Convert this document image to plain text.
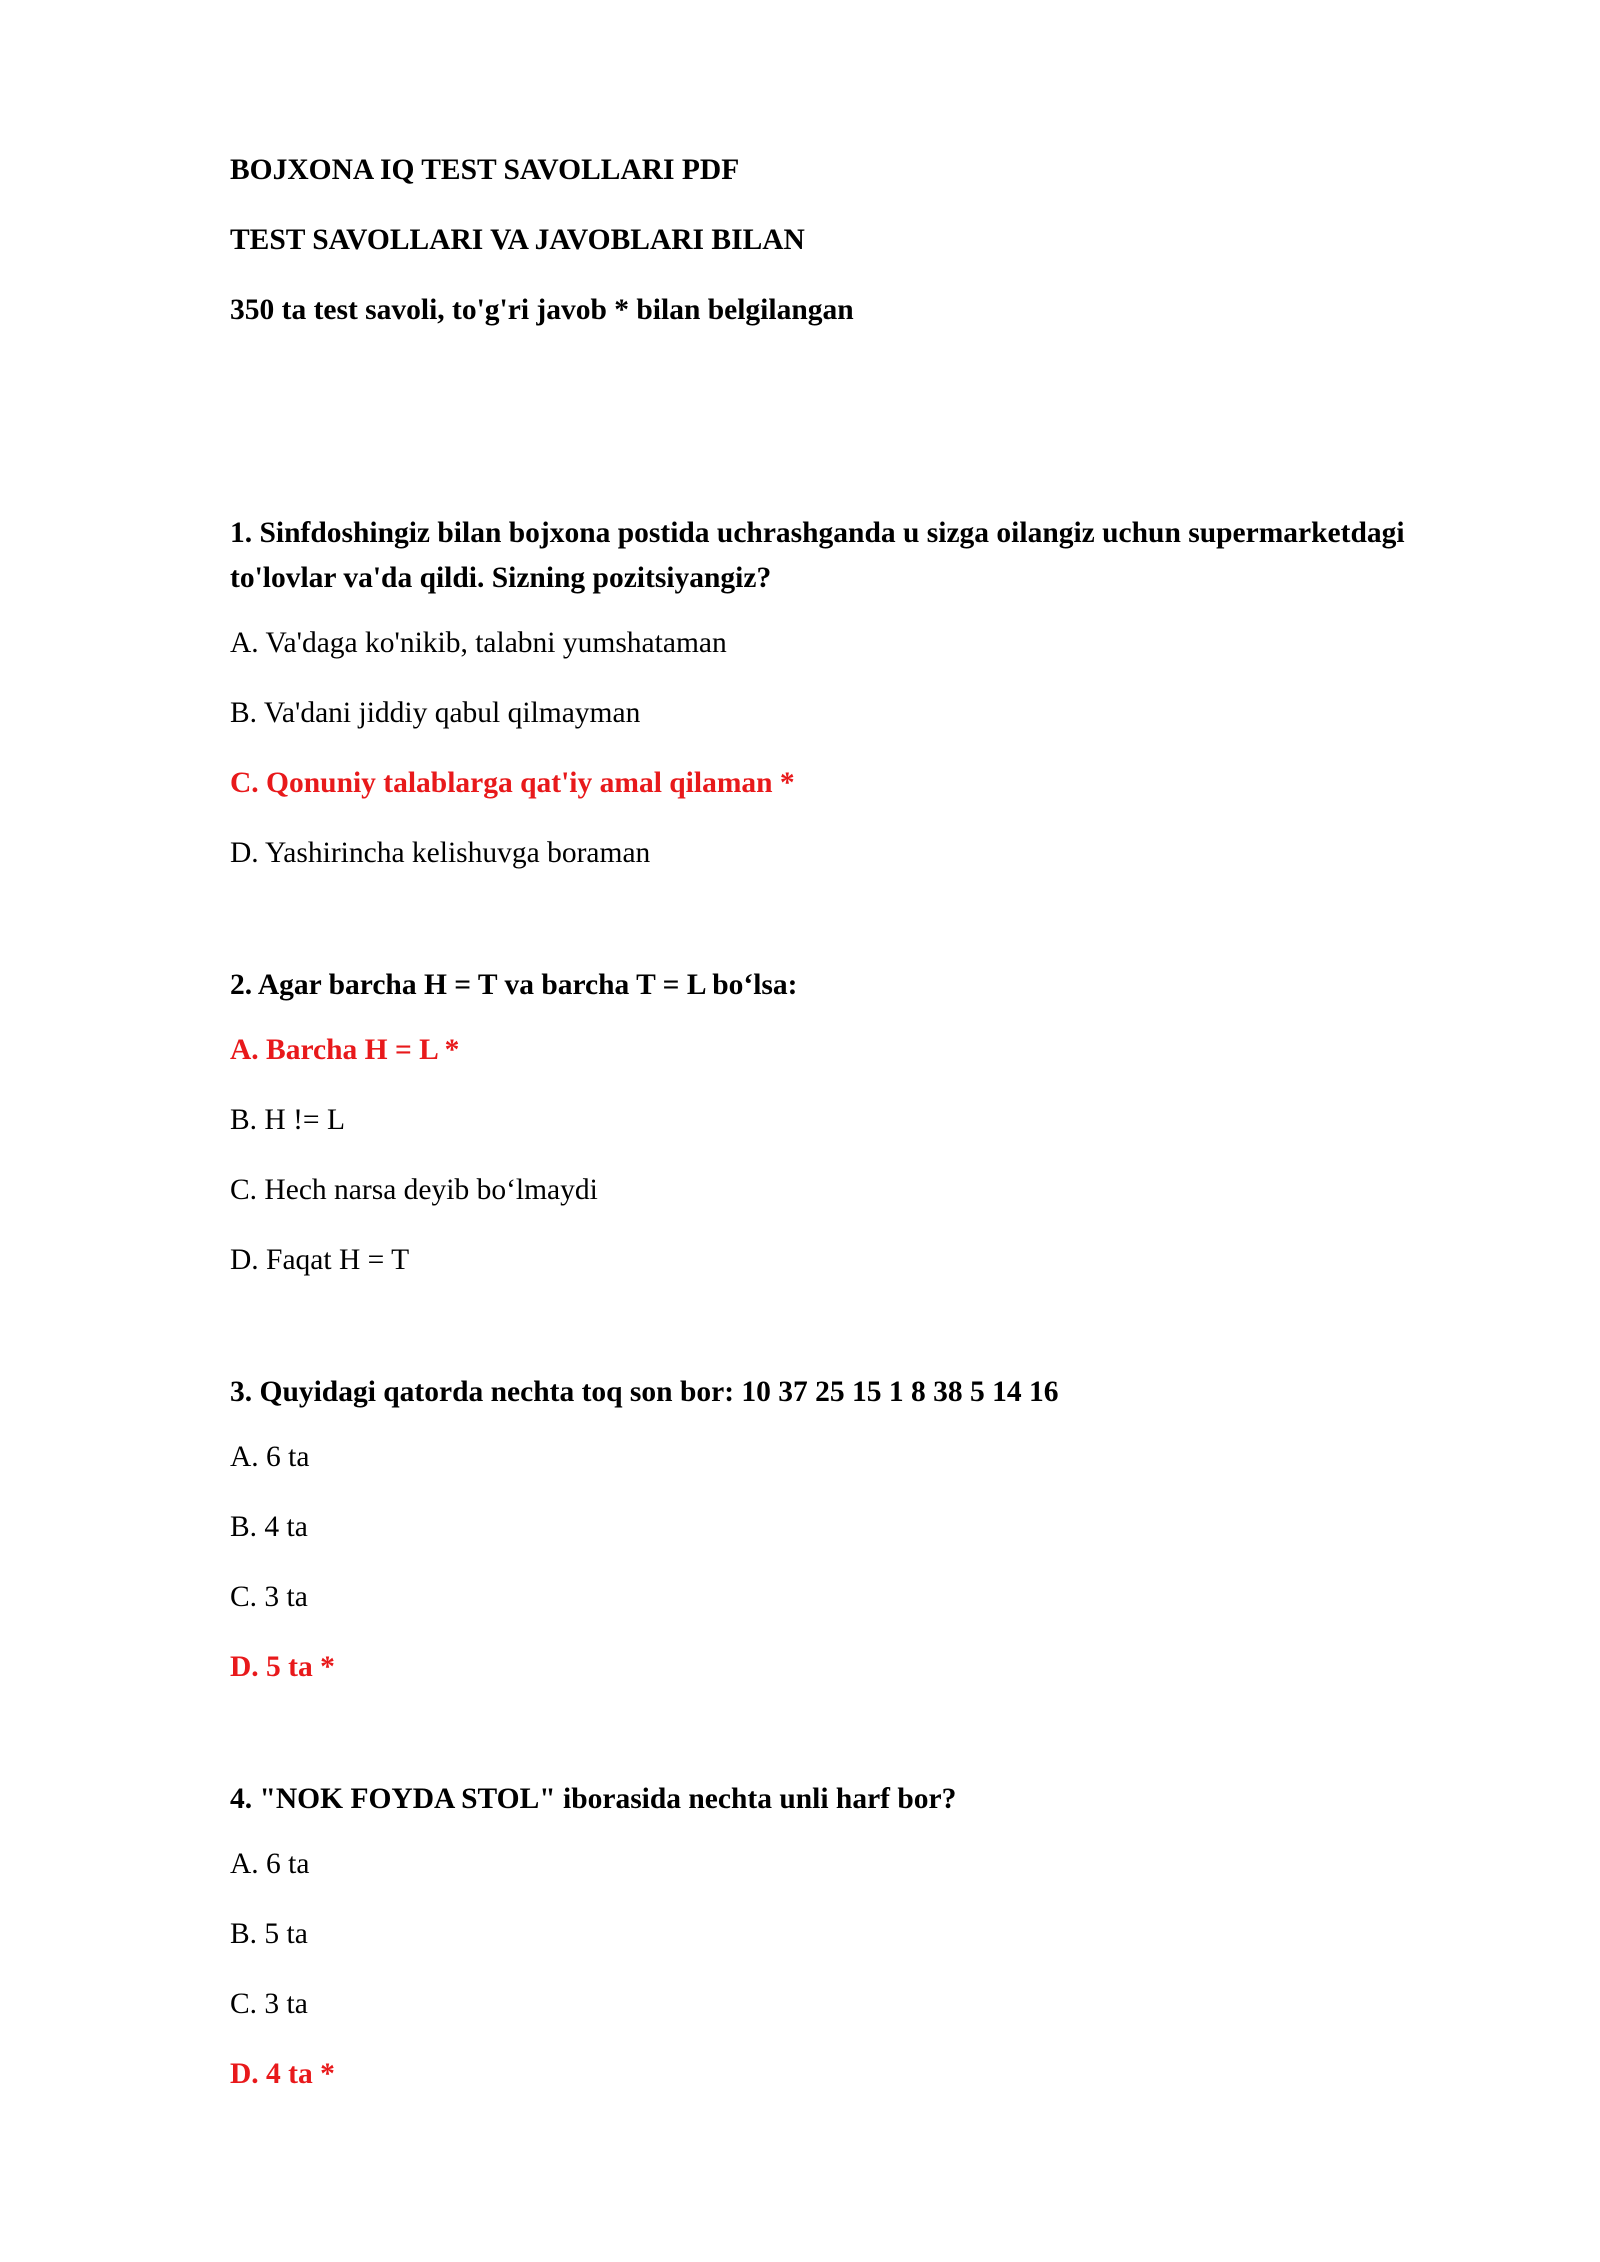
BOJXONA IQ TEST SAVOLLARI PDF
TEST SAVOLLARI VA JAVOBLARI BILAN
350 ta test savoli, to'g'ri javob * bilan belgilangan
1. Sinfdoshingiz bilan bojxona postida uchrashganda u sizga oilangiz uchun supermarketdagi to'lovlar va'da qildi. Sizning pozitsiyangiz?
A. Va'daga ko'nikib, talabni yumshataman
B. Va'dani jiddiy qabul qilmayman
C. Qonuniy talablarga qat'iy amal qilaman *
D. Yashirincha kelishuvga boraman
2. Agar barcha H = T va barcha T = L bo‘lsa:
A. Barcha H = L *
B. H != L
C. Hech narsa deyib bo‘lmaydi
D. Faqat H = T
3. Quyidagi qatorda nechta toq son bor: 10 37 25 15 1 8 38 5 14 16
A. 6 ta
B. 4 ta
C. 3 ta
D. 5 ta *
4. "NOK FOYDA STOL" iborasida nechta unli harf bor?
A. 6 ta
B. 5 ta
C. 3 ta
D. 4 ta *
